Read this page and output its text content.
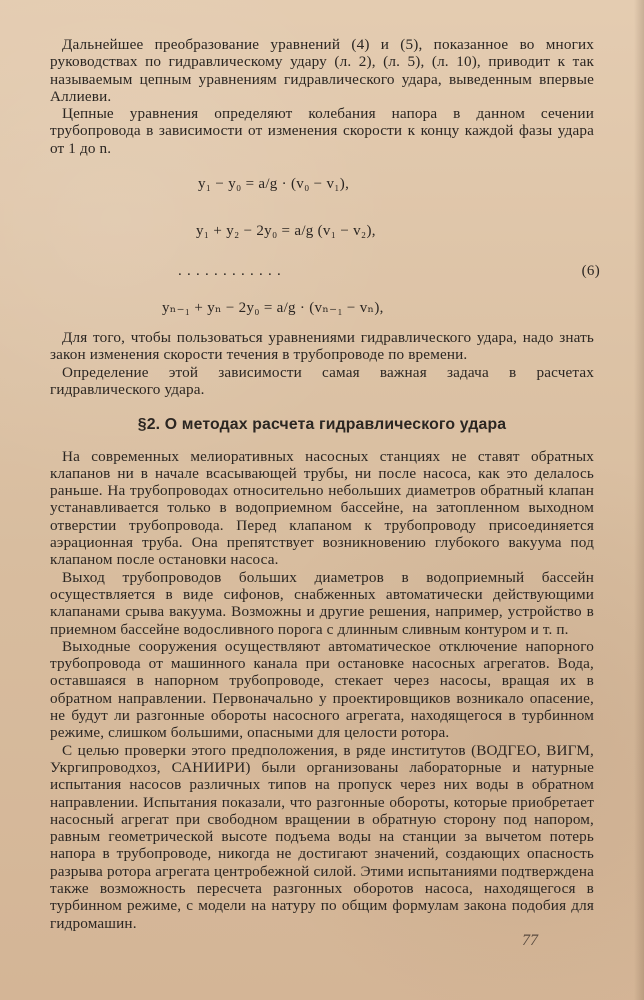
Дальнейшее преобразование уравнений (4) и (5), показанное во многих руководствах по гидравлическому удару (л. 2), (л. 5), (л. 10), приводит к так называемым цепным уравнениям гидравлического удара, выведенным впервые Аллиеви.

Цепные уравнения определяют колебания напора в данном сечении трубопровода в зависимости от изменения скорости к концу каждой фазы удара от 1 до n.

y₁ − y₀ = a/g · (v₀ − v₁),
y₁ + y₂ − 2y₀ = a/g (v₁ − v₂),
............	(6)
yₙ₋₁ + yₙ − 2y₀ = a/g · (vₙ₋₁ − vₙ),

Для того, чтобы пользоваться уравнениями гидравлического удара, надо знать закон изменения скорости течения в трубопроводе по времени.

Определение этой зависимости самая важная задача в расчетах гидравлического удара.

§2. О методах расчета гидравлического удара

На современных мелиоративных насосных станциях не ставят обратных клапанов ни в начале всасывающей трубы, ни после насоса, как это делалось раньше. На трубопроводах относительно небольших диаметров обратный клапан устанавливается только в водоприемном бассейне, на затопленном выходном отверстии трубопровода. Перед клапаном к трубопроводу присоединяется аэрационная труба. Она препятствует возникновению глубокого вакуума под клапаном после остановки насоса.

Выход трубопроводов больших диаметров в водоприемный бассейн осуществляется в виде сифонов, снабженных автоматически действующими клапанами срыва вакуума. Возможны и другие решения, например, устройство в приемном бассейне водосливного порога с длинным сливным контуром и т. п.

Выходные сооружения осуществляют автоматическое отключение напорного трубопровода от машинного канала при остановке насосных агрегатов. Вода, оставшаяся в напорном трубопроводе, стекает через насосы, вращая их в обратном направлении. Первоначально у проектировщиков возникало опасение, не будут ли разгонные обороты насосного агрегата, находящегося в турбинном режиме, слишком большими, опасными для целости ротора.

С целью проверки этого предположения, в ряде институтов (ВОДГЕО, ВИГМ, Укргипроводхоз, САНИИРИ) были организованы лабораторные и натурные испытания насосов различных типов на пропуск через них воды в обратном направлении. Испытания показали, что разгонные обороты, которые приобретает насосный агрегат при свободном вращении в обратную сторону под напором, равным геометрической высоте подъема воды на станции за вычетом потерь напора в трубопроводе, никогда не достигают значений, создающих опасность разрыва ротора агрегата центробежной силой. Этими испытаниями подтверждена также возможность пересчета разгонных оборотов насоса, находящегося в турбинном режиме, с модели на натуру по общим формулам закона подобия для гидромашин.

77
